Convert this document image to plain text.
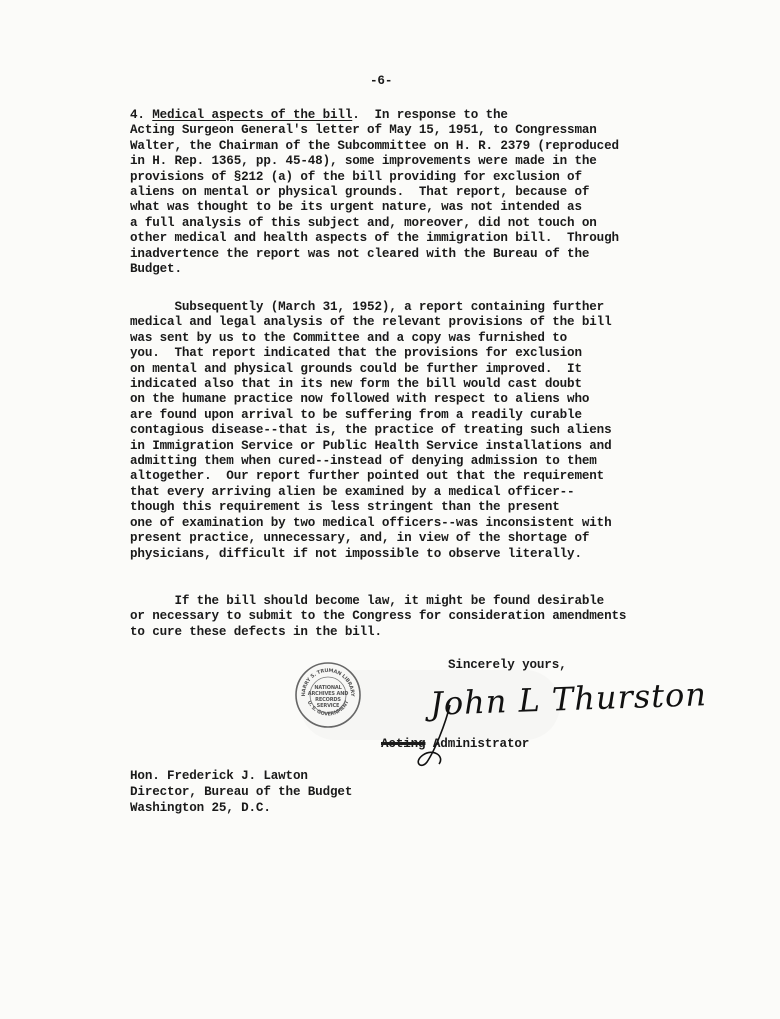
-6-
4. Medical aspects of the bill.  In response to the
Acting Surgeon General's letter of May 15, 1951, to Congressman
Walter, the Chairman of the Subcommittee on H. R. 2379 (reproduced
in H. Rep. 1365, pp. 45-48), some improvements were made in the
provisions of §212 (a) of the bill providing for exclusion of
aliens on mental or physical grounds.  That report, because of
what was thought to be its urgent nature, was not intended as
a full analysis of this subject and, moreover, did not touch on
other medical and health aspects of the immigration bill.  Through
inadvertence the report was not cleared with the Bureau of the
Budget.
Subsequently (March 31, 1952), a report containing further
medical and legal analysis of the relevant provisions of the bill
was sent by us to the Committee and a copy was furnished to
you.  That report indicated that the provisions for exclusion
on mental and physical grounds could be further improved.  It
indicated also that in its new form the bill would cast doubt
on the humane practice now followed with respect to aliens who
are found upon arrival to be suffering from a readily curable
contagious disease--that is, the practice of treating such aliens
in Immigration Service or Public Health Service installations and
admitting them when cured--instead of denying admission to them
altogether.  Our report further pointed out that the requirement
that every arriving alien be examined by a medical officer--
though this requirement is less stringent than the present
one of examination by two medical officers--was inconsistent with
present practice, unnecessary, and, in view of the shortage of
physicians, difficult if not impossible to observe literally.
If the bill should become law, it might be found desirable
or necessary to submit to the Congress for consideration amendments
to cure these defects in the bill.
Sincerely yours,
HARRY S. TRUMAN LIBRARY
U. S. GOVERNMENT
NATIONAL
ARCHIVES AND
RECORDS
SERVICE	John L Thurston
Acting Administrator
Hon. Frederick J. Lawton
Director, Bureau of the Budget
Washington 25, D.C.
